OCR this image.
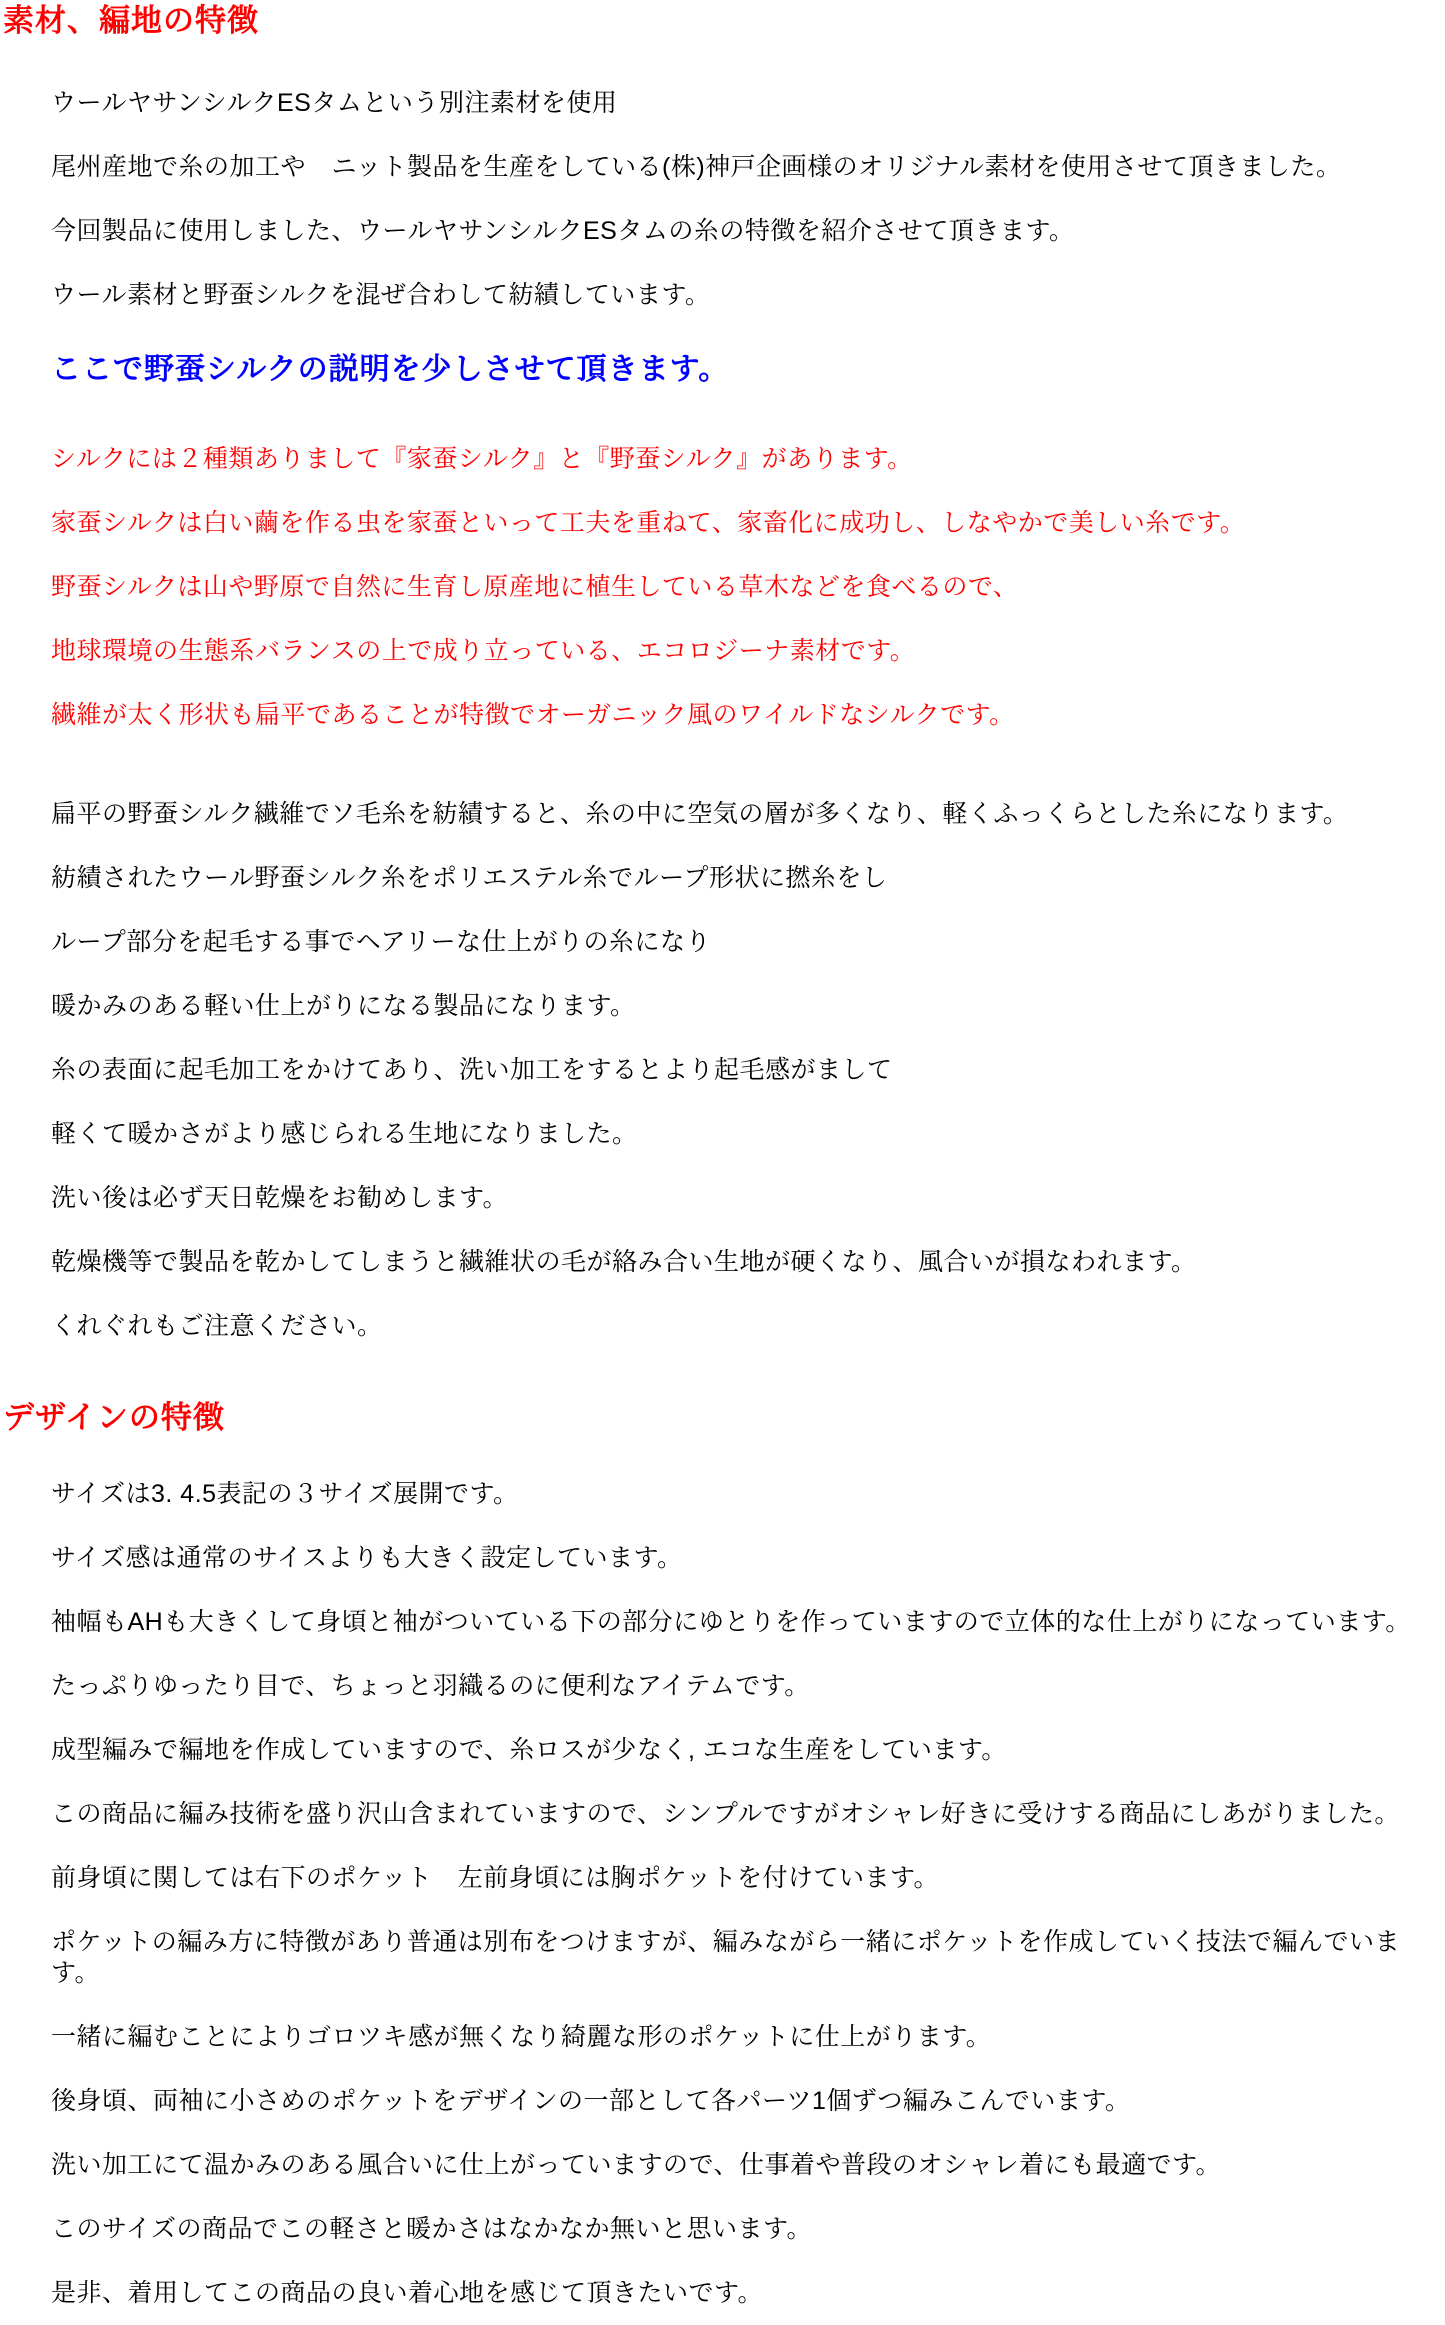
素材、編地の特徴

ウールヤサンシルクESタムという別注素材を使用

尾州産地で糸の加工や　ニット製品を生産をしている(株)神戸企画様のオリジナル素材を使用させて頂きました。

今回製品に使用しました、ウールヤサンシルクESタムの糸の特徴を紹介させて頂きます。

ウール素材と野蚕シルクを混ぜ合わして紡績しています。

ここで野蚕シルクの説明を少しさせて頂きます。

シルクには２種類ありまして『家蚕シルク』と『野蚕シルク』があります。

家蚕シルクは白い繭を作る虫を家蚕といって工夫を重ねて、家畜化に成功し、しなやかで美しい糸です。

野蚕シルクは山や野原で自然に生育し原産地に植生している草木などを食べるので、

地球環境の生態系バランスの上で成り立っている、エコロジーナ素材です。

繊維が太く形状も扁平であることが特徴でオーガニック風のワイルドなシルクです。

扁平の野蚕シルク繊維でソ毛糸を紡績すると、糸の中に空気の層が多くなり、軽くふっくらとした糸になります。

紡績されたウール野蚕シルク糸をポリエステル糸でループ形状に撚糸をし

ループ部分を起毛する事でヘアリーな仕上がりの糸になり

暖かみのある軽い仕上がりになる製品になります。

糸の表面に起毛加工をかけてあり、洗い加工をするとより起毛感がまして

軽くて暖かさがより感じられる生地になりました。

洗い後は必ず天日乾燥をお勧めします。

乾燥機等で製品を乾かしてしまうと繊維状の毛が絡み合い生地が硬くなり、風合いが損なわれます。

くれぐれもご注意ください。

デザインの特徴

サイズは3. 4.5表記の３サイズ展開です。

サイズ感は通常のサイスよりも大きく設定しています。

袖幅もAHも大きくして身頃と袖がついている下の部分にゆとりを作っていますので立体的な仕上がりになっています。

たっぷりゆったり目で、ちょっと羽織るのに便利なアイテムです。

成型編みで編地を作成していますので、糸ロスが少なく, エコな生産をしています。

この商品に編み技術を盛り沢山含まれていますので、シンプルですがオシャレ好きに受けする商品にしあがりました。

前身頃に関しては右下のポケット　左前身頃には胸ポケットを付けています。

ポケットの編み方に特徴があり普通は別布をつけますが、編みながら一緒にポケットを作成していく技法で編んでいます。

一緒に編むことによりゴロツキ感が無くなり綺麗な形のポケットに仕上がります。

後身頃、両袖に小さめのポケットをデザインの一部として各パーツ1個ずつ編みこんでいます。

洗い加工にて温かみのある風合いに仕上がっていますので、仕事着や普段のオシャレ着にも最適です。

このサイズの商品でこの軽さと暖かさはなかなか無いと思います。

是非、着用してこの商品の良い着心地を感じて頂きたいです。
